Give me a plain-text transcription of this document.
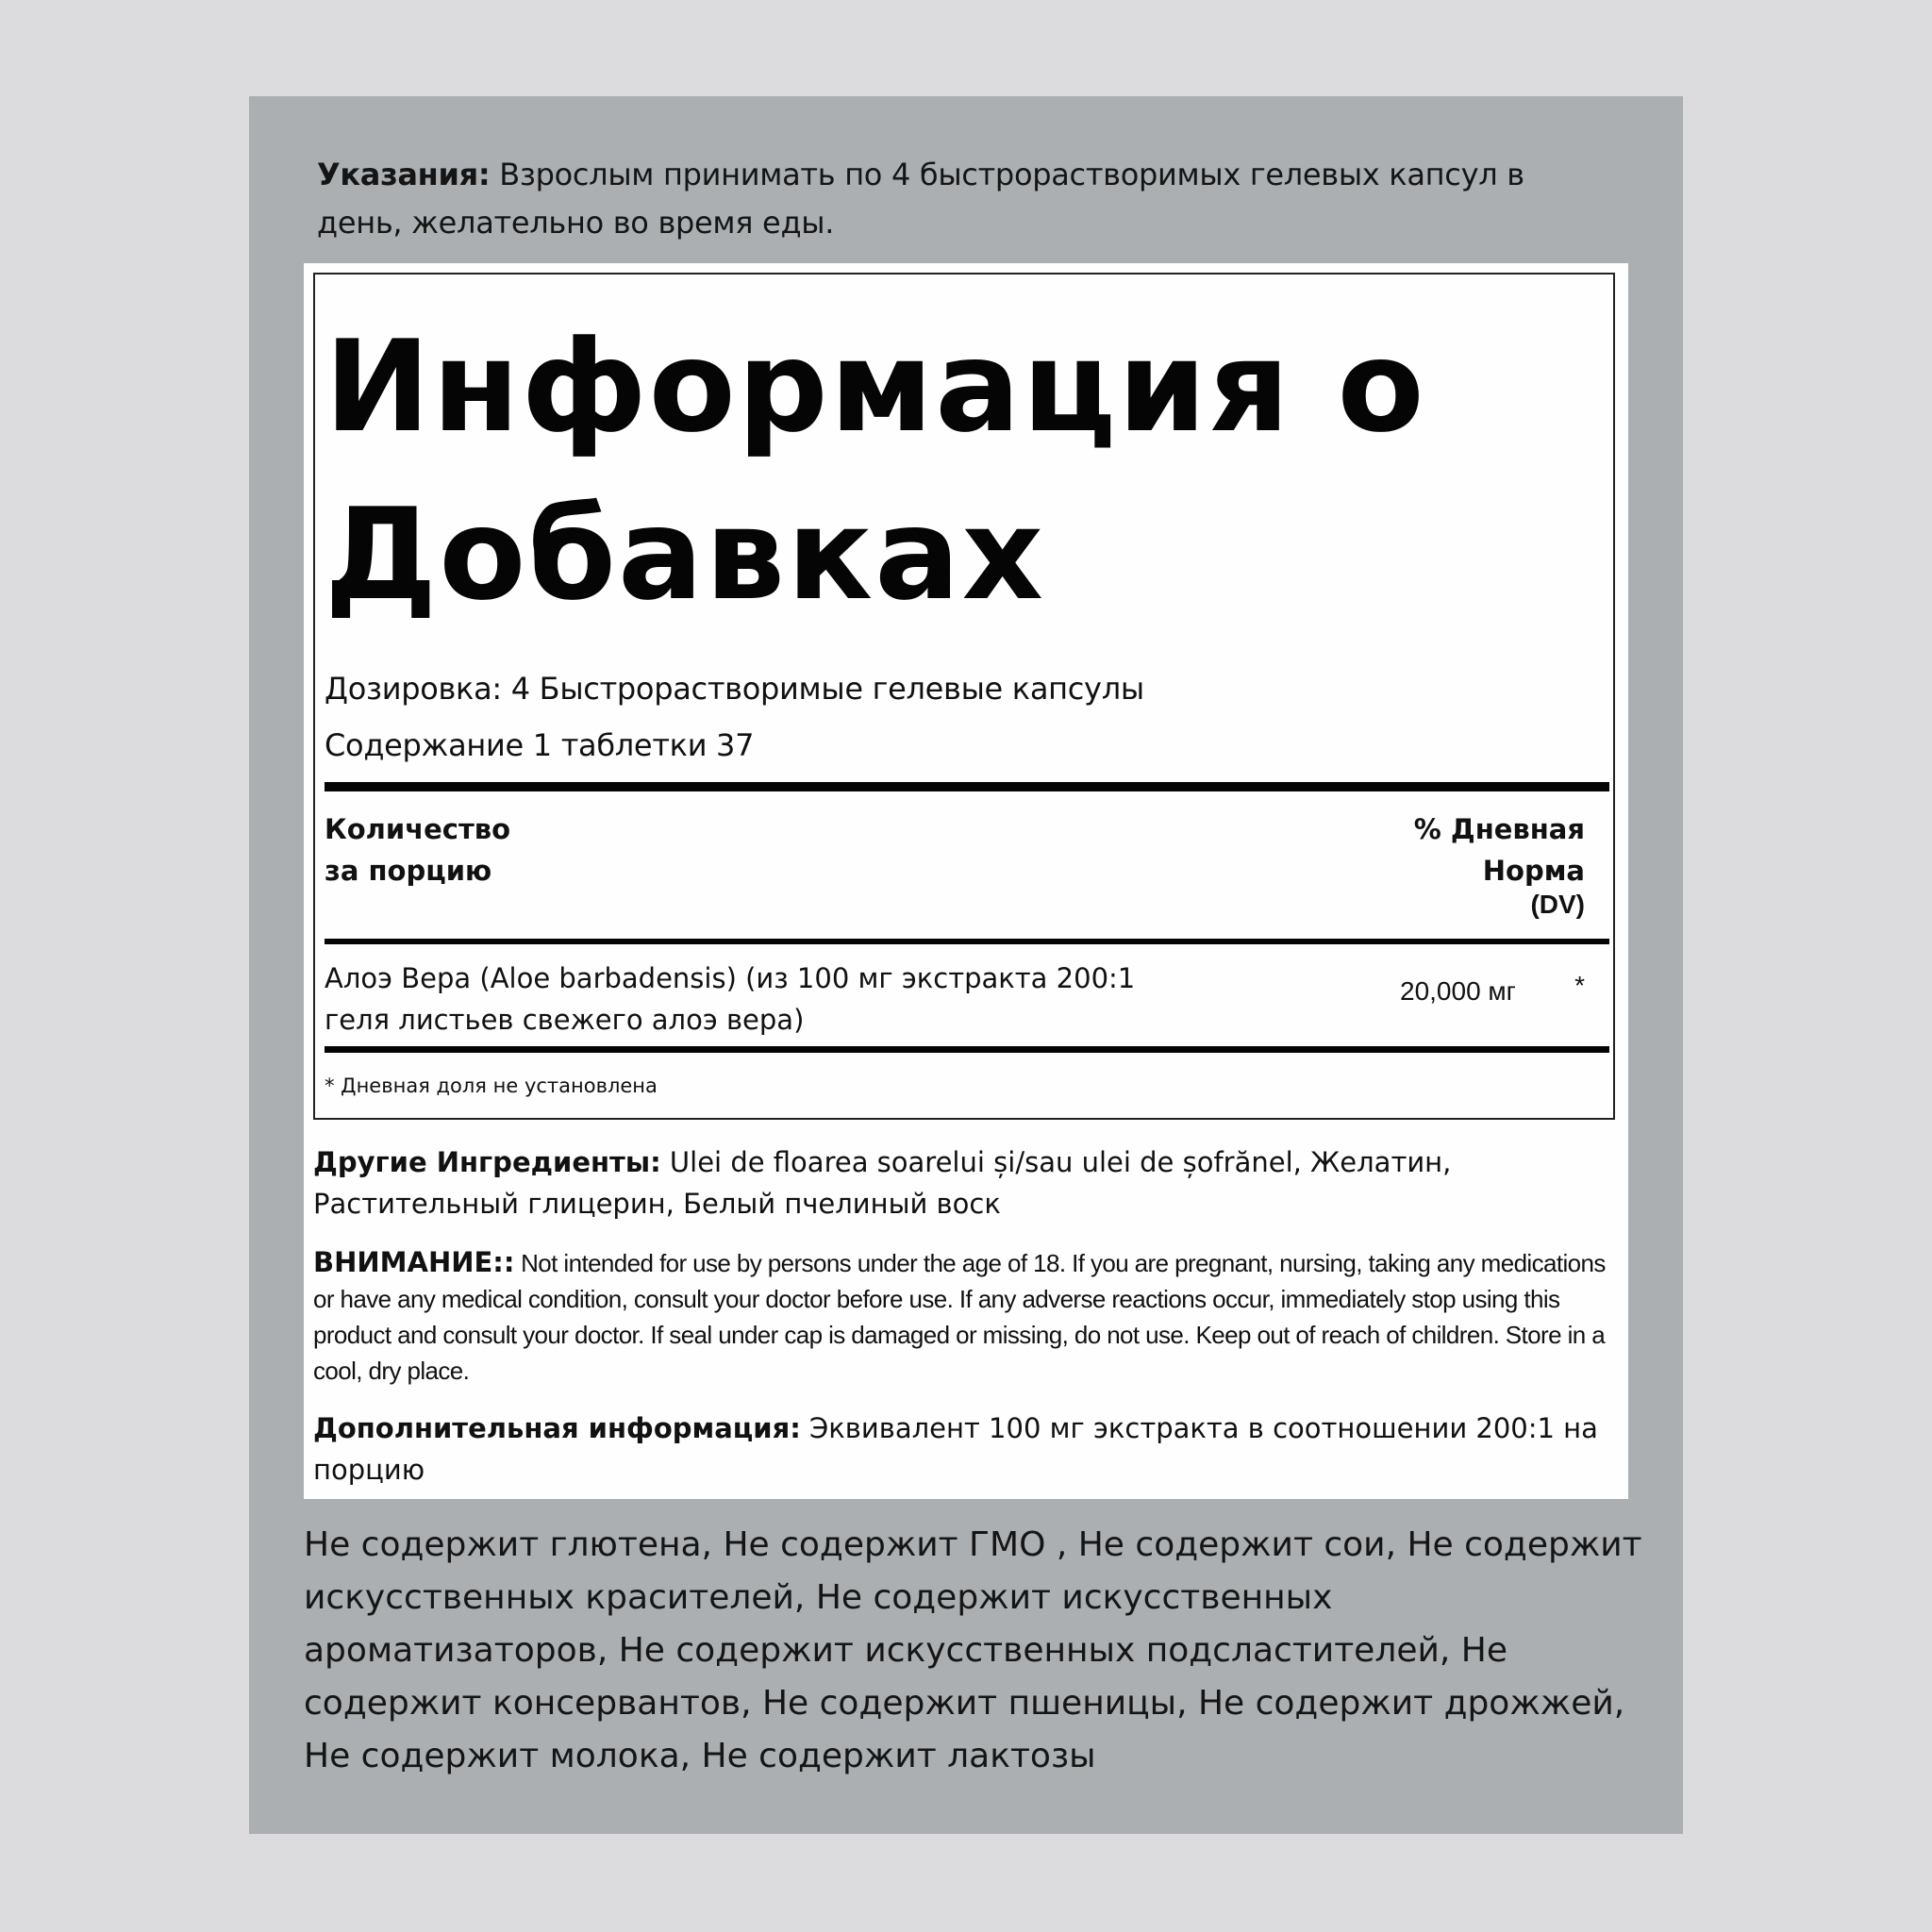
Указания: Взрослым принимать по 4 быстрорастворимых гелевых капсул в день, желательно во время еды.
Информация о Добавках
Дозировка: 4 Быстрорастворимые гелевые капсулы
Содержание 1 таблетки 37
Количество
за порцию
% Дневная
Норма
(DV)
Алоэ Вера (Aloe barbadensis) (из 100 мг экстракта 200:1 геля листьев свежего алоэ вера)
20,000 мг *
* Дневная доля не установлена
Другие Ингредиенты: Ulei de floarea soarelui și/sau ulei de șofrănel, Желатин, Растительный глицерин, Белый пчелиный воск
ВНИМАНИЕ:: Not intended for use by persons under the age of 18. If you are pregnant, nursing, taking any medications or have any medical condition, consult your doctor before use. If any adverse reactions occur, immediately stop using this product and consult your doctor. If seal under cap is damaged or missing, do not use. Keep out of reach of children. Store in a cool, dry place.
Дополнительная информация: Эквивалент 100 мг экстракта в соотношении 200:1 на порцию
Не содержит глютена, Не содержит ГМО , Не содержит сои, Не содержит искусственных красителей, Не содержит искусственных ароматизаторов, Не содержит искусственных подсластителей, Не содержит консервантов, Не содержит пшеницы, Не содержит дрожжей, Не содержит молока, Не содержит лактозы
